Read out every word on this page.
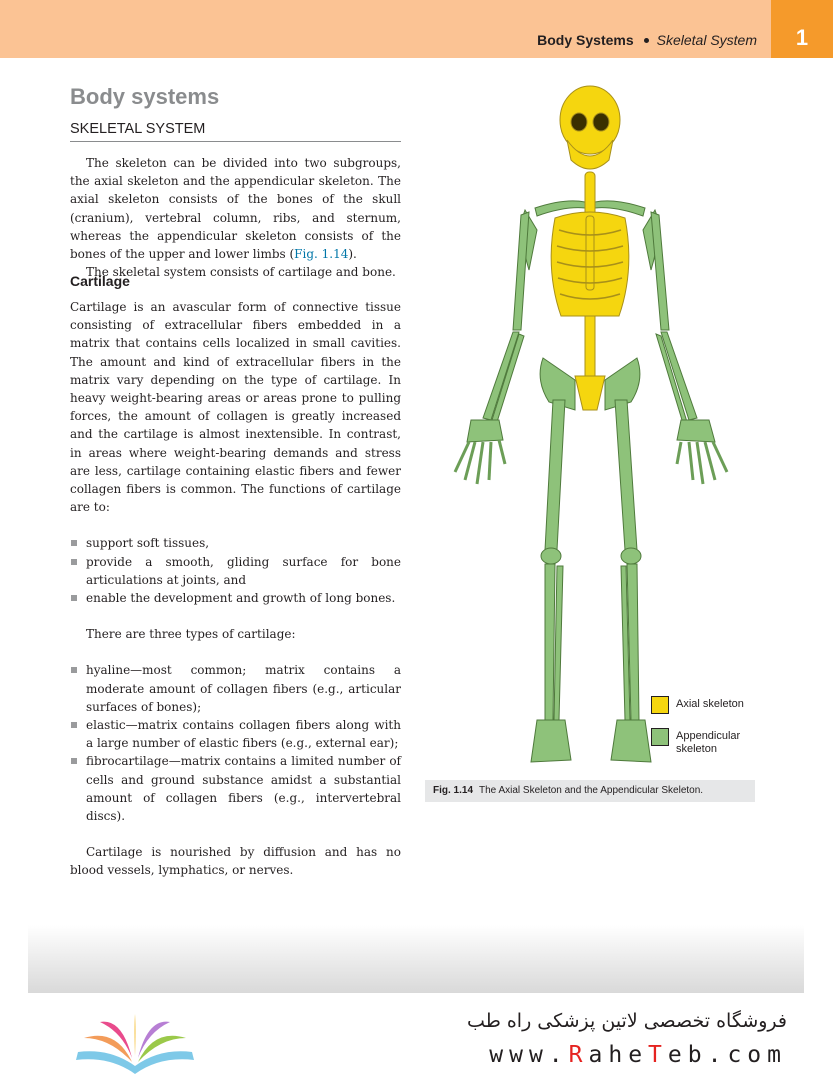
Body Systems Skeletal System	1
Body systems
SKELETAL SYSTEM

The skeleton can be divided into two subgroups, the axial skeleton and the appendicular skeleton. The axial skeleton consists of the bones of the skull (cranium), vertebral column, ribs, and sternum, whereas the appendicular skeleton consists of the bones of the upper and lower limbs (Fig. 1.14).

The skeletal system consists of cartilage and bone.

Cartilage

Cartilage is an avascular form of connective tissue consisting of extracellular fibers embedded in a matrix that contains cells localized in small cavities. The amount and kind of extracellular fibers in the matrix vary depending on the type of cartilage. In heavy weight-bearing areas or areas prone to pulling forces, the amount of collagen is greatly increased and the cartilage is almost inextensible. In contrast, in areas where weight-bearing demands and stress are less, cartilage containing elastic fibers and fewer collagen fibers is common. The functions of cartilage are to:

support soft tissues,
provide a smooth, gliding surface for bone articulations at joints, and
enable the development and growth of long bones.

There are three types of cartilage:

hyaline—most common; matrix contains a moderate amount of collagen fibers (e.g., articular surfaces of bones);
elastic—matrix contains collagen fibers along with a large number of elastic fibers (e.g., external ear);
fibrocartilage—matrix contains a limited number of cells and ground substance amidst a substantial amount of collagen fibers (e.g., intervertebral discs).

Cartilage is nourished by diffusion and has no blood vessels, lymphatics, or nerves.

Axial skeleton
Appendicular skeleton
Fig. 1.14 The Axial Skeleton and the Appendicular Skeleton.
فروشگاه تخصصی لاتین پزشکی راه طب
www.RaheTeb.com
